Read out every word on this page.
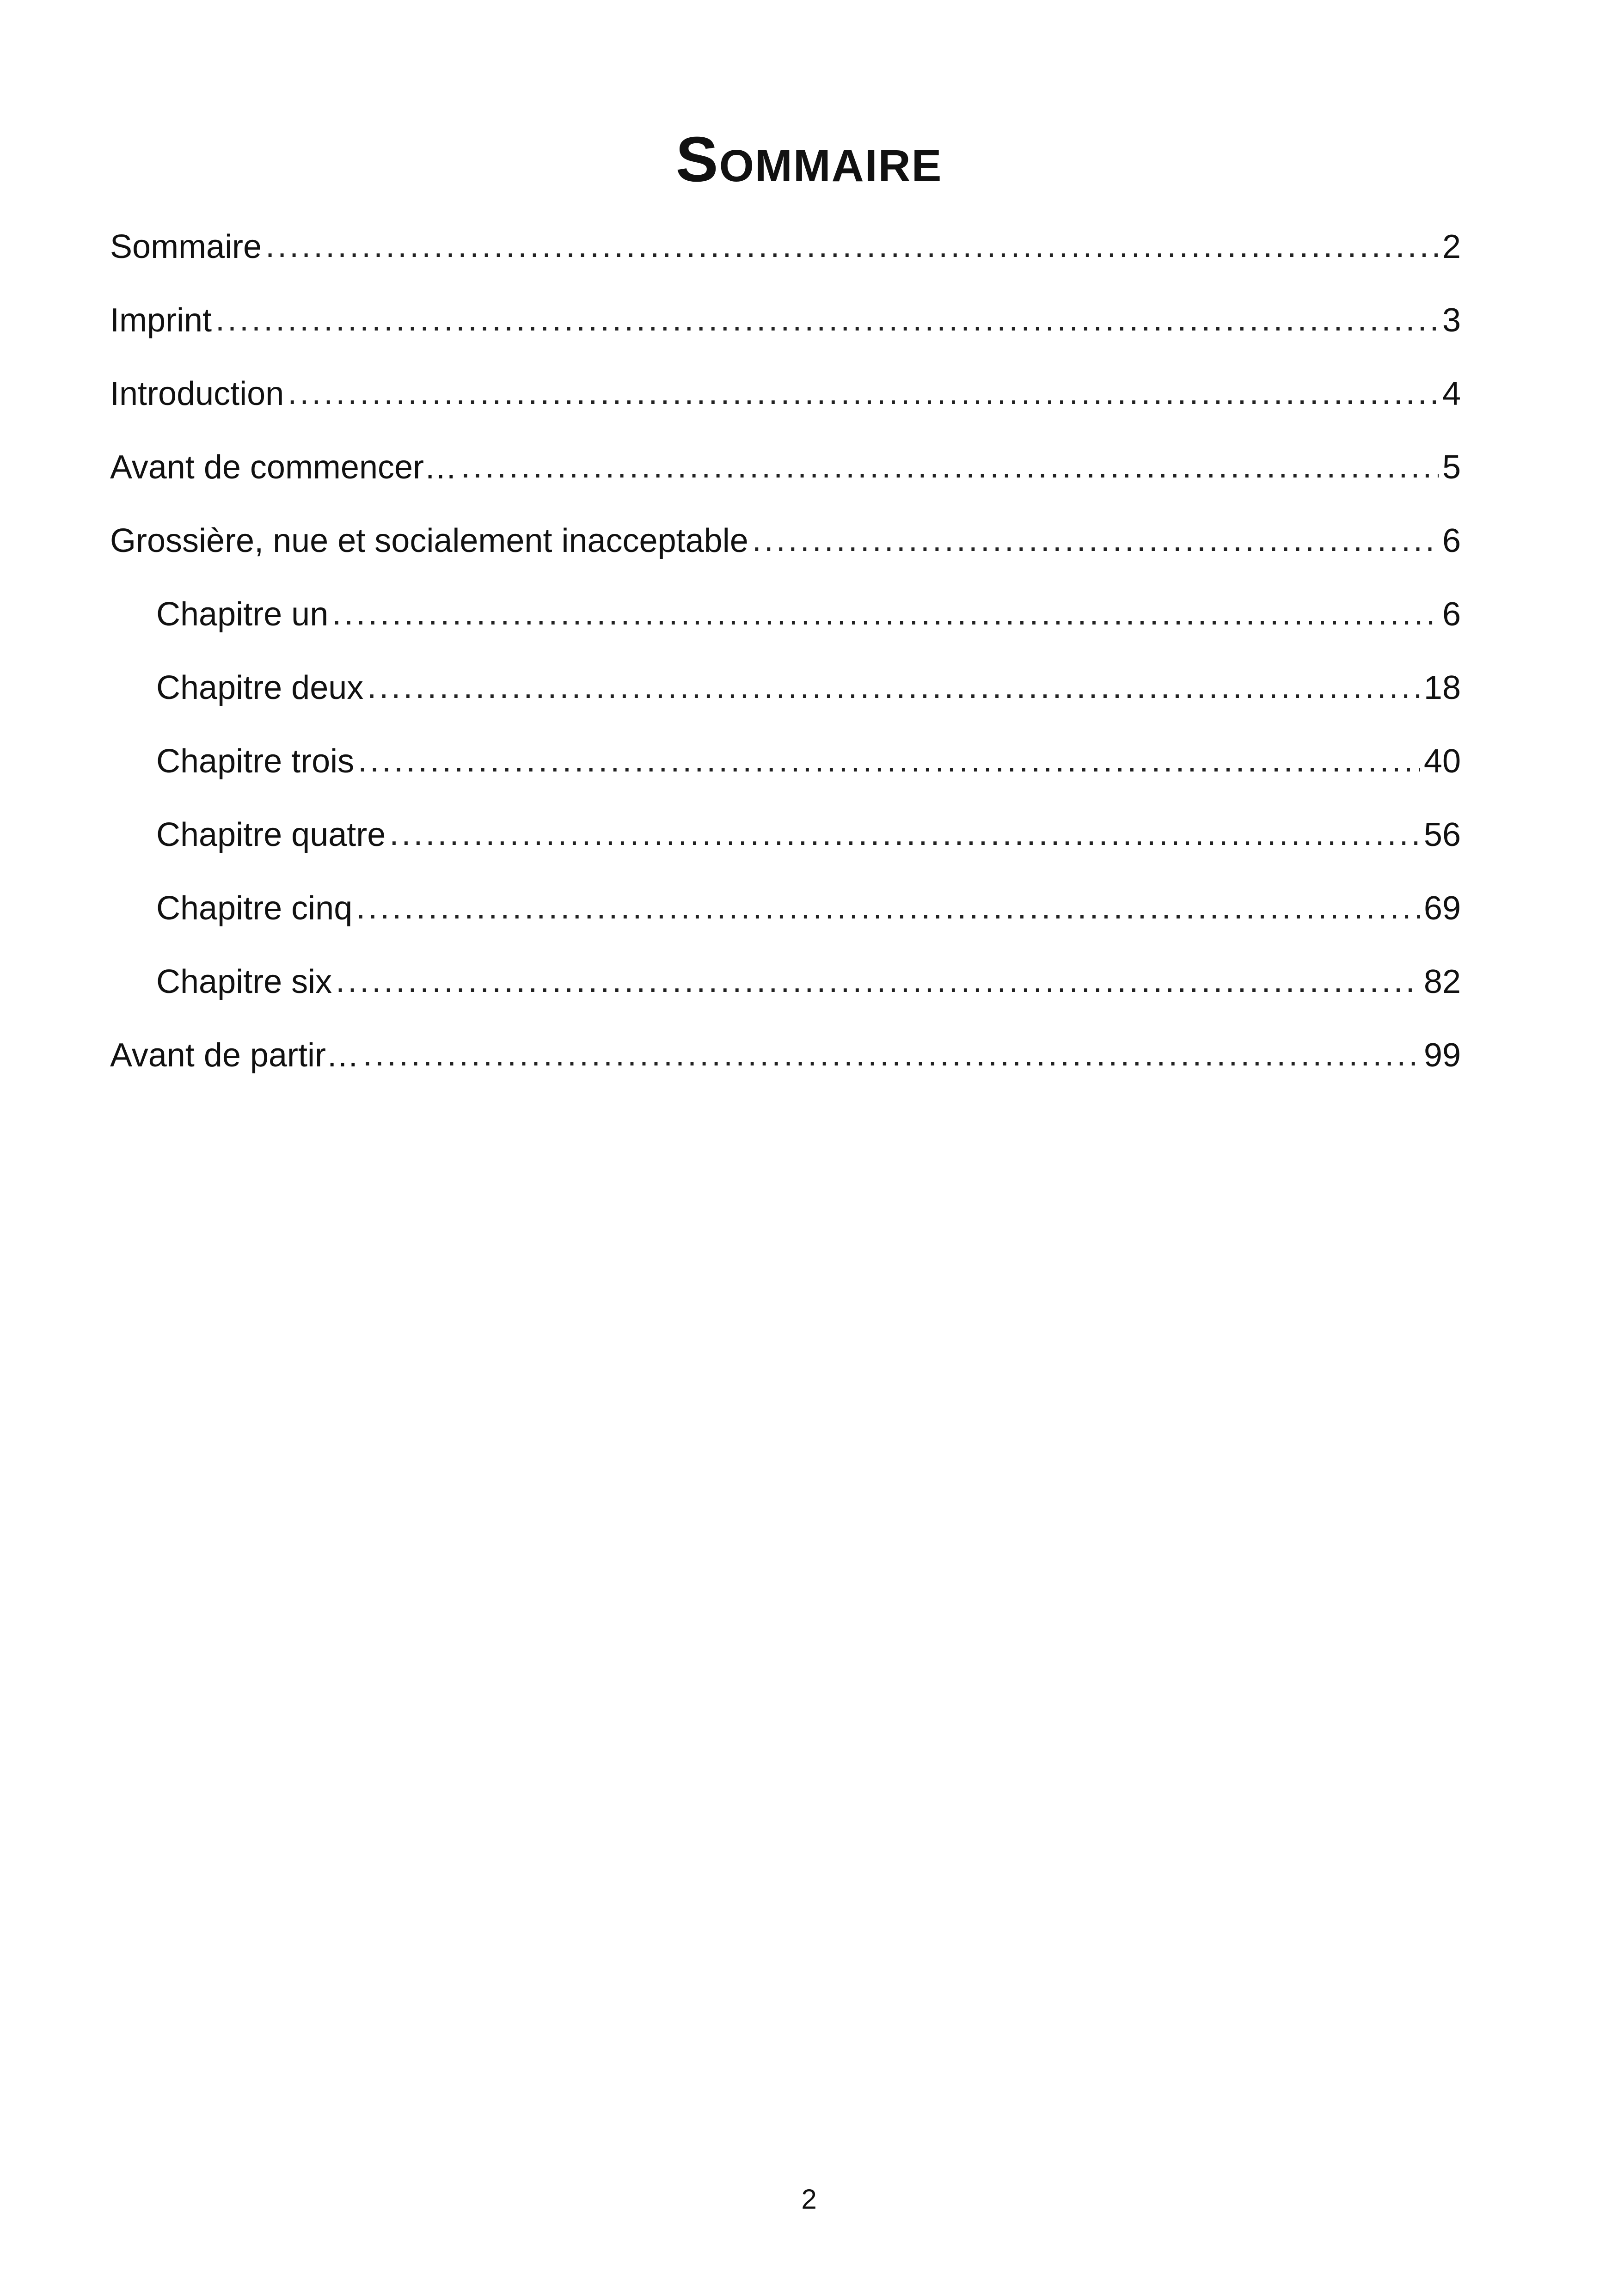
Sommaire
Sommaire .....	2
Imprint .....	3
Introduction .....	4
Avant de commencer… .....	5
Grossière, nue et socialement inacceptable .....	6
Chapitre un .....	6
Chapitre deux .....	18
Chapitre trois .....	40
Chapitre quatre .....	56
Chapitre cinq .....	69
Chapitre six .....	82
Avant de partir… .....	99
2
